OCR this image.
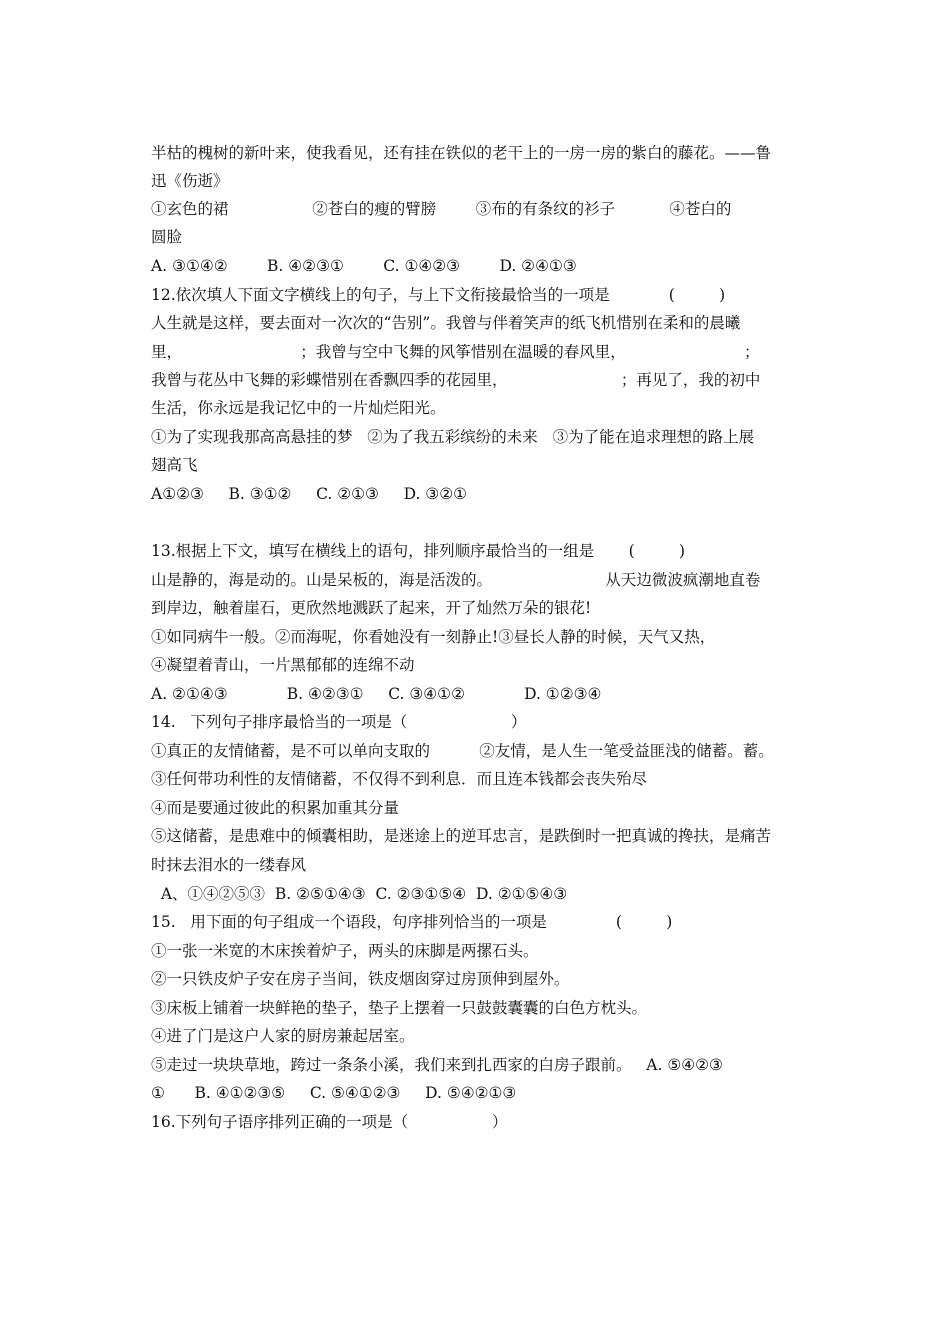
半枯的槐树的新叶来，使我看见，还有挂在铁似的老干上的一房一房的紫白的藤花。——鲁

迅《伤逝》

①玄色的裙                 ②苍白的瘦的臂膀        ③布的有条纹的衫子           ④苍白的

圆脸

A. ③①④②        B. ④②③①        C. ①④②③        D. ②④①③

12.依次填人下面文字横线上的句子，与上下文衔接最恰当的一项是            (         )

人生就是这样，要去面对一次次的“告别”。我曾与伴着笑声的纸飞机惜别在柔和的晨曦

里，                        ；我曾与空中飞舞的风筝惜别在温暖的春风里，                        ；

我曾与花丛中飞舞的彩蝶惜别在香飘四季的花园里，                       ；再见了，我的初中

生活，你永远是我记忆中的一片灿烂阳光。

①为了实现我那高高悬挂的梦   ②为了我五彩缤纷的未来   ③为了能在追求理想的路上展

翅高飞

A①②③     B. ③①②     C. ②①③     D. ③②①

13.根据上下文，填写在横线上的语句，排列顺序最恰当的一组是       (         )

山是静的，海是动的。山是呆板的，海是活泼的。                       从天边微波疯潮地直卷

到岸边，触着崖石，更欣然地溅跃了起来，开了灿然万朵的银花!

①如同病牛一般。②而海呢，你看她没有一刻静止!③昼长人静的时候，天气又热，

④凝望着青山，一片黑郁郁的连绵不动

A. ②①④③            B. ④②③①     C. ③④①②            D. ①②③④

14.   下列句子排序最恰当的一项是（                     ）

①真正的友情储蓄，是不可以单向支取的          ②友情，是人生一笔受益匪浅的储蓄。蓄。

③任何带功利性的友情储蓄，不仅得不到利息．而且连本钱都会丧失殆尽

④而是要通过彼此的积累加重其分量

⑤这储蓄，是患难中的倾囊相助，是迷途上的逆耳忠言，是跌倒时一把真诚的搀扶，是痛苦

时抹去泪水的一缕春风

A、①④②⑤③  B. ②⑤①④③  C. ②③①⑤④  D. ②①⑤④③

15.   用下面的句子组成一个语段，句序排列恰当的一项是              (         )

①一张一米宽的木床挨着炉子，两头的床脚是两摞石头。

②一只铁皮炉子安在房子当间，铁皮烟囱穿过房顶伸到屋外。

③床板上铺着一块鲜艳的垫子，垫子上摆着一只鼓鼓囊囊的白色方枕头。

④进了门是这户人家的厨房兼起居室。

⑤走过一块块草地，跨过一条条小溪，我们来到扎西家的白房子跟前。   A. ⑤④②③

①      B. ④①②③⑤     C. ⑤④①②③     D. ⑤④②①③

16.下列句子语序排列正确的一项是（                 ）
